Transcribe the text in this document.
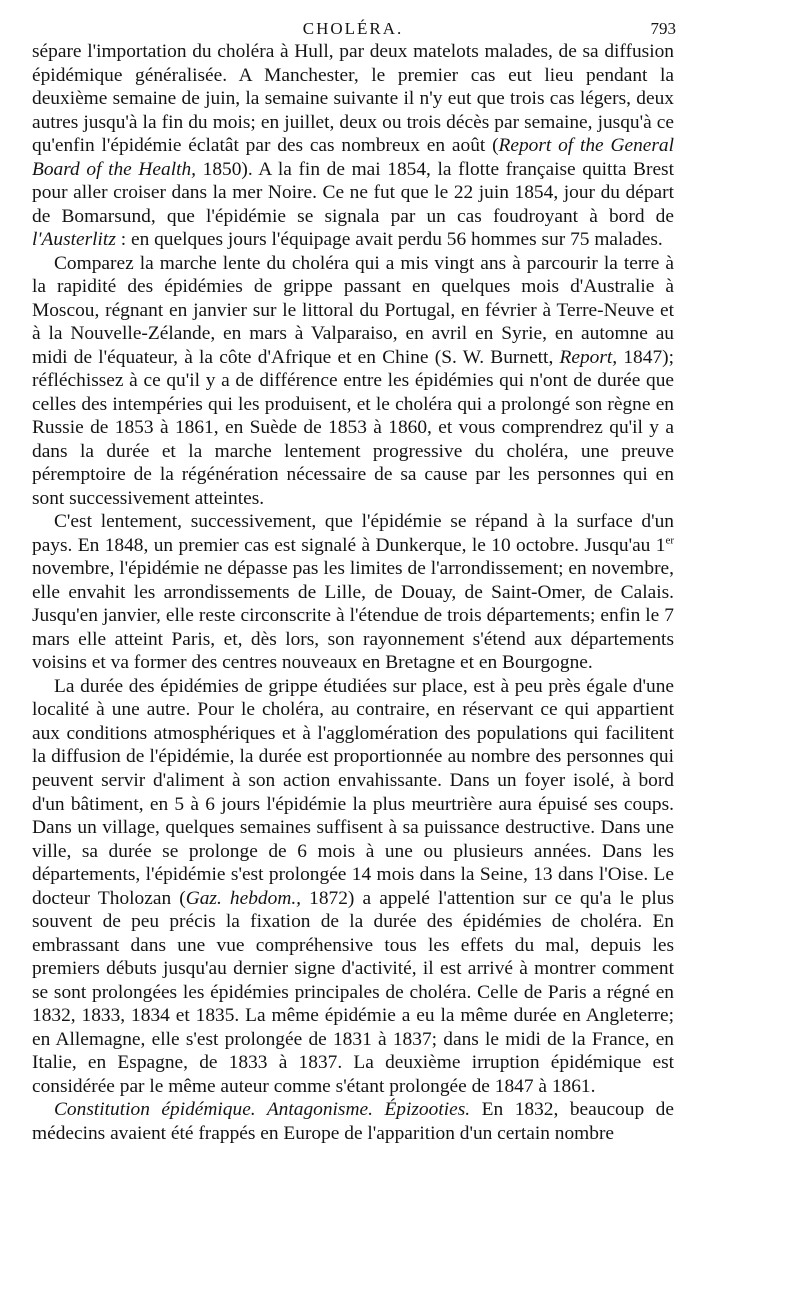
CHOLÉRA.	793

sépare l'importation du choléra à Hull, par deux matelots malades, de sa diffusion épidémique généralisée. A Manchester, le premier cas eut lieu pendant la deuxième semaine de juin, la semaine suivante il n'y eut que trois cas légers, deux autres jusqu'à la fin du mois; en juillet, deux ou trois décès par semaine, jusqu'à ce qu'enfin l'épidémie éclatât par des cas nombreux en août (Report of the General Board of the Health, 1850). A la fin de mai 1854, la flotte française quitta Brest pour aller croiser dans la mer Noire. Ce ne fut que le 22 juin 1854, jour du départ de Bomarsund, que l'épidémie se signala par un cas foudroyant à bord de l'Austerlitz : en quelques jours l'équipage avait perdu 56 hommes sur 75 malades.

Comparez la marche lente du choléra qui a mis vingt ans à parcourir la terre à la rapidité des épidémies de grippe passant en quelques mois d'Australie à Moscou, régnant en janvier sur le littoral du Portugal, en février à Terre-Neuve et à la Nouvelle-Zélande, en mars à Valparaiso, en avril en Syrie, en automne au midi de l'équateur, à la côte d'Afrique et en Chine (S. W. Burnett, Report, 1847); réfléchissez à ce qu'il y a de différence entre les épidémies qui n'ont de durée que celles des intempéries qui les produisent, et le choléra qui a prolongé son règne en Russie de 1853 à 1861, en Suède de 1853 à 1860, et vous comprendrez qu'il y a dans la durée et la marche lentement progressive du choléra, une preuve péremptoire de la régénération nécessaire de sa cause par les personnes qui en sont successivement atteintes.

C'est lentement, successivement, que l'épidémie se répand à la surface d'un pays. En 1848, un premier cas est signalé à Dunkerque, le 10 octobre. Jusqu'au 1er novembre, l'épidémie ne dépasse pas les limites de l'arrondissement; en novembre, elle envahit les arrondissements de Lille, de Douay, de Saint-Omer, de Calais. Jusqu'en janvier, elle reste circonscrite à l'étendue de trois départements; enfin le 7 mars elle atteint Paris, et, dès lors, son rayonnement s'étend aux départements voisins et va former des centres nouveaux en Bretagne et en Bourgogne.

La durée des épidémies de grippe étudiées sur place, est à peu près égale d'une localité à une autre. Pour le choléra, au contraire, en réservant ce qui appartient aux conditions atmosphériques et à l'agglomération des populations qui facilitent la diffusion de l'épidémie, la durée est proportionnée au nombre des personnes qui peuvent servir d'aliment à son action envahissante. Dans un foyer isolé, à bord d'un bâtiment, en 5 à 6 jours l'épidémie la plus meurtrière aura épuisé ses coups. Dans un village, quelques semaines suffisent à sa puissance destructive. Dans une ville, sa durée se prolonge de 6 mois à une ou plusieurs années. Dans les départements, l'épidémie s'est prolongée 14 mois dans la Seine, 13 dans l'Oise. Le docteur Tholozan (Gaz. hebdom., 1872) a appelé l'attention sur ce qu'a le plus souvent de peu précis la fixation de la durée des épidémies de choléra. En embrassant dans une vue compréhensive tous les effets du mal, depuis les premiers débuts jusqu'au dernier signe d'activité, il est arrivé à montrer comment se sont prolongées les épidémies principales de choléra. Celle de Paris a régné en 1832, 1833, 1834 et 1835. La même épidémie a eu la même durée en Angleterre; en Allemagne, elle s'est prolongée de 1831 à 1837; dans le midi de la France, en Italie, en Espagne, de 1833 à 1837. La deuxième irruption épidémique est considérée par le même auteur comme s'étant prolongée de 1847 à 1861.

Constitution épidémique. Antagonisme. Épizooties. En 1832, beaucoup de médecins avaient été frappés en Europe de l'apparition d'un certain nombre
